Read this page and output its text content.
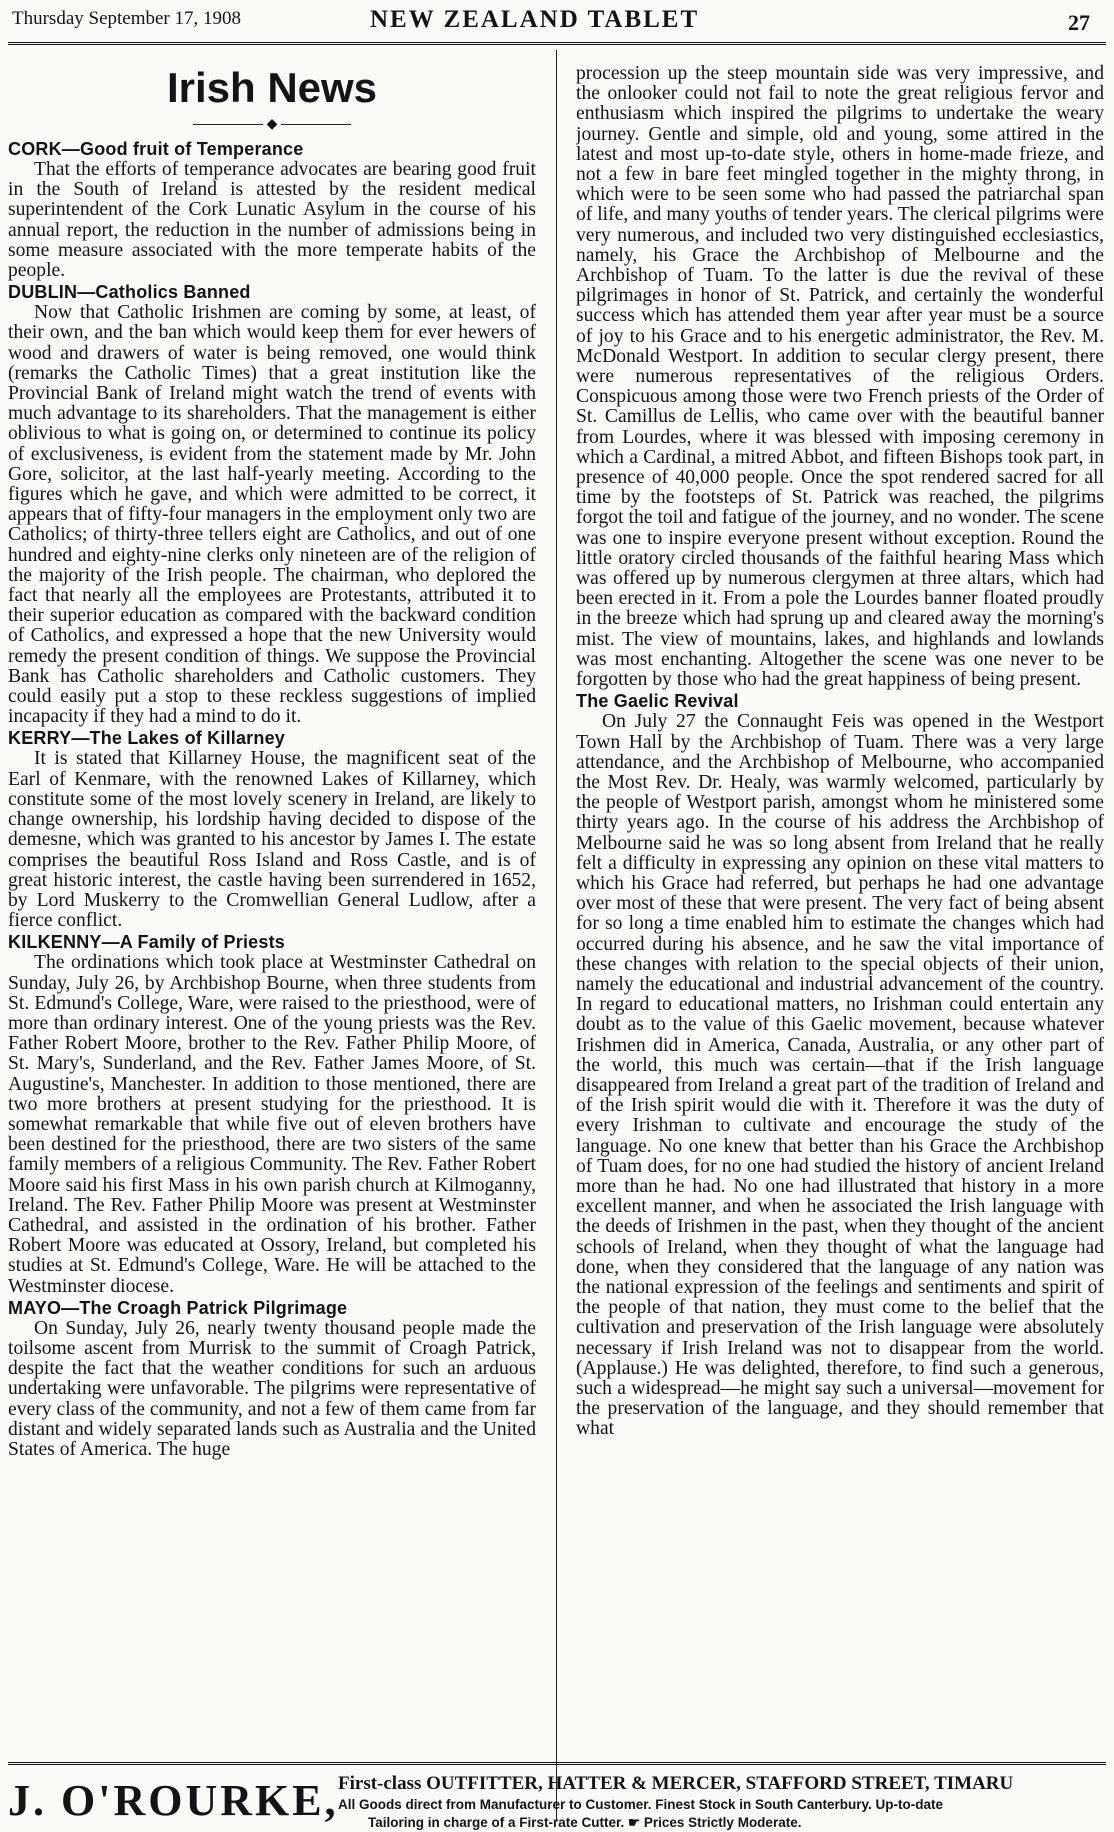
Thursday September 17, 1908	NEW ZEALAND TABLET	27
Irish News
◆
CORK—Good fruit of Temperance

That the efforts of temperance advocates are bearing good fruit in the South of Ireland is attested by the resident medical superintendent of the Cork Lunatic Asylum in the course of his annual report, the reduction in the number of admissions being in some measure associated with the more temperate habits of the people.

DUBLIN—Catholics Banned

Now that Catholic Irishmen are coming by some, at least, of their own, and the ban which would keep them for ever hewers of wood and drawers of water is being removed, one would think (remarks the Catholic Times) that a great institution like the Provincial Bank of Ireland might watch the trend of events with much advantage to its shareholders. That the management is either oblivious to what is going on, or determined to continue its policy of exclusiveness, is evident from the statement made by Mr. John Gore, solicitor, at the last half-yearly meeting. According to the figures which he gave, and which were admitted to be correct, it appears that of fifty-four managers in the employment only two are Catholics; of thirty-three tellers eight are Catholics, and out of one hundred and eighty-nine clerks only nineteen are of the religion of the majority of the Irish people. The chairman, who deplored the fact that nearly all the employees are Protestants, attributed it to their superior education as compared with the backward condition of Catholics, and expressed a hope that the new University would remedy the present condition of things. We suppose the Provincial Bank has Catholic shareholders and Catholic customers. They could easily put a stop to these reckless suggestions of implied incapacity if they had a mind to do it.

KERRY—The Lakes of Killarney

It is stated that Killarney House, the magnificent seat of the Earl of Kenmare, with the renowned Lakes of Killarney, which constitute some of the most lovely scenery in Ireland, are likely to change ownership, his lordship having decided to dispose of the demesne, which was granted to his ancestor by James I. The estate comprises the beautiful Ross Island and Ross Castle, and is of great historic interest, the castle having been surrendered in 1652, by Lord Muskerry to the Cromwellian General Ludlow, after a fierce conflict.

KILKENNY—A Family of Priests

The ordinations which took place at Westminster Cathedral on Sunday, July 26, by Archbishop Bourne, when three students from St. Edmund's College, Ware, were raised to the priesthood, were of more than ordinary interest. One of the young priests was the Rev. Father Robert Moore, brother to the Rev. Father Philip Moore, of St. Mary's, Sunderland, and the Rev. Father James Moore, of St. Augustine's, Manchester. In addition to those mentioned, there are two more brothers at present studying for the priesthood. It is somewhat remarkable that while five out of eleven brothers have been destined for the priesthood, there are two sisters of the same family members of a religious Community. The Rev. Father Robert Moore said his first Mass in his own parish church at Kilmoganny, Ireland. The Rev. Father Philip Moore was present at Westminster Cathedral, and assisted in the ordination of his brother. Father Robert Moore was educated at Ossory, Ireland, but completed his studies at St. Edmund's College, Ware. He will be attached to the Westminster diocese.

MAYO—The Croagh Patrick Pilgrimage

On Sunday, July 26, nearly twenty thousand people made the toilsome ascent from Murrisk to the summit of Croagh Patrick, despite the fact that the weather conditions for such an arduous undertaking were unfavorable. The pilgrims were representative of every class of the community, and not a few of them came from far distant and widely separated lands such as Australia and the United States of America. The huge

procession up the steep mountain side was very impressive, and the onlooker could not fail to note the great religious fervor and enthusiasm which inspired the pilgrims to undertake the weary journey. Gentle and simple, old and young, some attired in the latest and most up-to-date style, others in home-made frieze, and not a few in bare feet mingled together in the mighty throng, in which were to be seen some who had passed the patriarchal span of life, and many youths of tender years. The clerical pilgrims were very numerous, and included two very distinguished ecclesiastics, namely, his Grace the Archbishop of Melbourne and the Archbishop of Tuam. To the latter is due the revival of these pilgrimages in honor of St. Patrick, and certainly the wonderful success which has attended them year after year must be a source of joy to his Grace and to his energetic administrator, the Rev. M. McDonald Westport. In addition to secular clergy present, there were numerous representatives of the religious Orders. Conspicuous among those were two French priests of the Order of St. Camillus de Lellis, who came over with the beautiful banner from Lourdes, where it was blessed with imposing ceremony in which a Cardinal, a mitred Abbot, and fifteen Bishops took part, in presence of 40,000 people. Once the spot rendered sacred for all time by the footsteps of St. Patrick was reached, the pilgrims forgot the toil and fatigue of the journey, and no wonder. The scene was one to inspire everyone present without exception. Round the little oratory circled thousands of the faithful hearing Mass which was offered up by numerous clergymen at three altars, which had been erected in it. From a pole the Lourdes banner floated proudly in the breeze which had sprung up and cleared away the morning's mist. The view of mountains, lakes, and highlands and lowlands was most enchanting. Altogether the scene was one never to be forgotten by those who had the great happiness of being present.

The Gaelic Revival

On July 27 the Connaught Feis was opened in the Westport Town Hall by the Archbishop of Tuam. There was a very large attendance, and the Archbishop of Melbourne, who accompanied the Most Rev. Dr. Healy, was warmly welcomed, particularly by the people of Westport parish, amongst whom he ministered some thirty years ago. In the course of his address the Archbishop of Melbourne said he was so long absent from Ireland that he really felt a difficulty in expressing any opinion on these vital matters to which his Grace had referred, but perhaps he had one advantage over most of these that were present. The very fact of being absent for so long a time enabled him to estimate the changes which had occurred during his absence, and he saw the vital importance of these changes with relation to the special objects of their union, namely the educational and industrial advancement of the country. In regard to educational matters, no Irishman could entertain any doubt as to the value of this Gaelic movement, because whatever Irishmen did in America, Canada, Australia, or any other part of the world, this much was certain—that if the Irish language disappeared from Ireland a great part of the tradition of Ireland and of the Irish spirit would die with it. Therefore it was the duty of every Irishman to cultivate and encourage the study of the language. No one knew that better than his Grace the Archbishop of Tuam does, for no one had studied the history of ancient Ireland more than he had. No one had illustrated that history in a more excellent manner, and when he associated the Irish language with the deeds of Irishmen in the past, when they thought of the ancient schools of Ireland, when they thought of what the language had done, when they considered that the language of any nation was the national expression of the feelings and sentiments and spirit of the people of that nation, they must come to the belief that the cultivation and preservation of the Irish language were absolutely necessary if Irish Ireland was not to disappear from the world. (Applause.) He was delighted, therefore, to find such a generous, such a widespread—he might say such a universal—movement for the preservation of the language, and they should remember that what

J. O'ROURKE, First-class OUTFITTER, HATTER & MERCER, STAFFORD STREET, TIMARU
All Goods direct from Manufacturer to Customer. Finest Stock in South Canterbury. Up-to-date
Tailoring in charge of a First-rate Cutter. ☛ Prices Strictly Moderate.
